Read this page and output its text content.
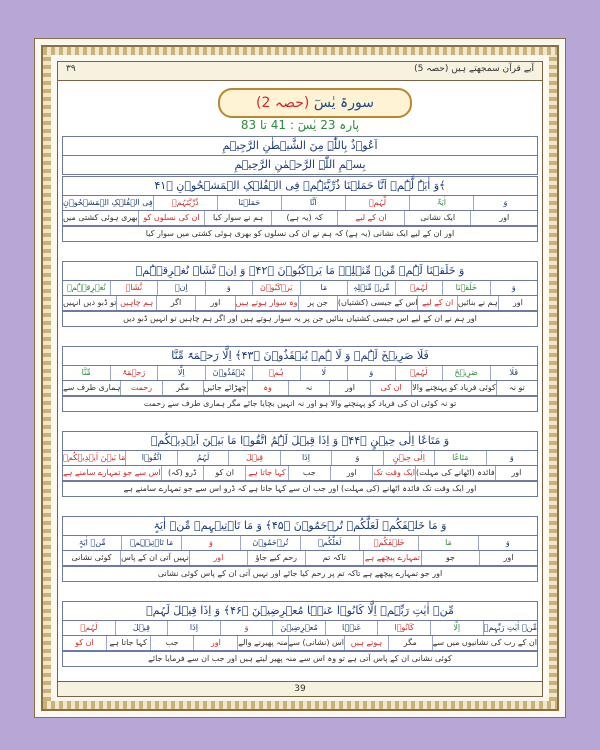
٣٩	آیے قرآن سمجھتے ہیں (حصہ 5)
سورۃ یٰسٓ (حصہ 2)
پارہ 23 یٰسٓ : 41 تا 83
اَعُوۡذُ بِاللّٰہِ مِنَ الشَّیۡطٰنِ الرَّجِیۡمِ
بِسۡمِ اللّٰہِ الرَّحۡمٰنِ الرَّحِیۡمِ
وَ اٰیَۃٌ لَّہُمۡ اَنَّا حَمَلۡنَا ذُرِّیَّتَہُمۡ فِی الۡفُلۡکِ الۡمَشۡحُوۡنِ ﴿۴۱﴾
وَ
اٰیَۃٌ
لَّہُمۡ
اَنَّا
حَمَلۡنَا
ذُرِّیَّتَہُمۡ
فِی الۡفُلۡکِ الۡمَشۡحُوۡنِ
اور
ایک نشانی
ان کے لیے
(یہ ہے) کہ
ہم نے سوار کیا
ان کی نسلوں کو
بھری ہوئی کشتی میں
اور ان کے لیے ایک نشانی (یہ ہے) کہ ہم نے ان کی نسلوں کو بھری ہوئی کشتی میں سوار کیا
وَ خَلَقۡنَا لَہُمۡ مِّنۡ مِّثۡلِہٖ مَا یَرۡکَبُوۡنَ ﴿۴۲﴾ وَ اِنۡ نَّشَاۡ نُغۡرِقۡہُمۡ
وَ
خَلَقۡنَا
لَہُمۡ
مِّنۡ مِّثۡلِہٖ
مَا
یَرۡکَبُوۡنَ
وَ
اِنۡ
نَّشَاۡ
نُغۡرِقۡہُمۡ
اور
ہم نے بنائیں
ان کے لیے
اس کے جیسی (کشتیاں)
جن پر
وہ سوار ہوتے ہیں
اور
اگر
ہم چاہیں
تو ڈبو دیں انہیں
اور ہم نے ان کے لیے اس جیسی کشتیاں بنائیں جن پر یہ سوار ہوتے ہیں اور اگر ہم چاہیں تو انہیں ڈبو دیں
فَلَا صَرِیۡخَ لَہُمۡ وَ لَا ہُمۡ یُنۡقَذُوۡنَ ﴿۴۳﴾ اِلَّا رَحۡمَۃً مِّنَّا
فَلَا
صَرِیۡخَ
لَہُمۡ
وَ
لَا
ہُمۡ
یُنۡقَذُوۡنَ
اِلَّا
رَحۡمَۃً
مِّنَّا
تو نہ
کوئی فریاد کو پہنچنے والا
ان کی
اور
نہ
وہ
چھڑائے جائیں
مگر
رحمت
ہماری طرف سے
تو نہ کوئی ان کی فریاد کو پہنچنے والا ہو اور نہ انہیں بچایا جائے مگر ہماری طرف سے رحمت
وَ مَتَاعًا اِلٰی حِیۡنٍ ﴿۴۴﴾ وَ اِذَا قِیۡلَ لَہُمُ اتَّقُوۡا مَا بَیۡنَ اَیۡدِیۡکُمۡ
وَ
مَتَاعًا
اِلٰی حِیۡنٍ
وَ
اِذَا
قِیۡلَ
لَہُمُ
اتَّقُوۡا
مَا بَیۡنَ اَیۡدِیۡکُمۡ
اور
فائدہ (اٹھانے کی مہلت)
ایک وقت تک
اور
جب
کہا جاتا ہے
ان کو
(کہ) ڈرو
اس سے جو تمہارے سامنے ہے
اور ایک وقت تک فائدہ اٹھانے (کی مہلت) اور جب ان سے کہا جاتا ہے کہ ڈرو اس سے جو تمہارے سامنے ہے
وَ مَا خَلۡفَکُمۡ لَعَلَّکُمۡ تُرۡحَمُوۡنَ ﴿۴۵﴾ وَ مَا تَاۡتِیۡہِمۡ مِّنۡ اٰیَۃٍ
وَ
مَا
خَلۡفَکُمۡ
لَعَلَّکُمۡ
تُرۡحَمُوۡنَ
وَ
مَا تَاۡتِیۡہِمۡ
مِّنۡ اٰیَۃٍ
اور
جو
تمہارے پیچھے ہے
تاکہ تم
رحم کیے جاؤ
اور
نہیں آتی ان کے پاس
کوئی نشانی
اور جو تمہارے پیچھے ہے تاکہ تم پر رحم کیا جائے اور نہیں آتی ان کے پاس کوئی نشانی
مِّنۡ اٰیٰتِ رَبِّہِمۡ اِلَّا کَانُوۡا عَنۡہَا مُعۡرِضِیۡنَ ﴿۴۶﴾ وَ اِذَا قِیۡلَ لَہُمۡ
مِّنۡ اٰیٰتِ رَبِّہِمۡ
اِلَّا
کَانُوۡا
عَنۡہَا
مُعۡرِضِیۡنَ
وَ
اِذَا
قِیۡلَ
لَہُمۡ
ان کے رب کی نشانیوں میں سے
مگر
ہوتے ہیں
اس (نشانی) سے
منہ پھیرنے والے
اور
جب
کہا جاتا ہے
ان کو
کوئی نشانی ان کے پاس آتی ہے تو وہ اس سے منہ پھیر لیتے ہیں اور جب ان سے فرمایا جائے
39
